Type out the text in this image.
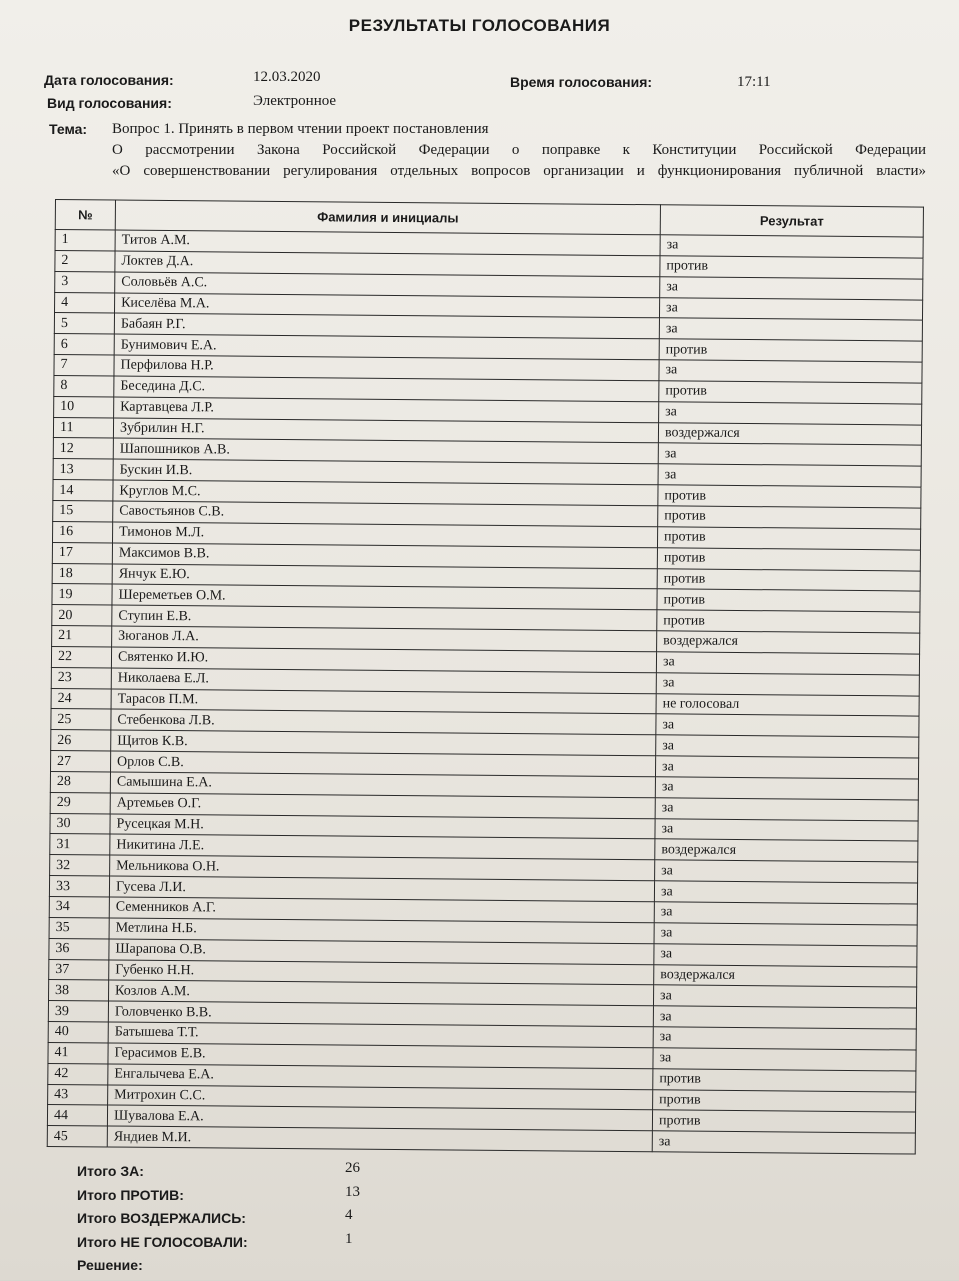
РЕЗУЛЬТАТЫ ГОЛОСОВАНИЯ
Дата голосования:	12.03.2020	Время голосования:	17:11
Вид голосования:	Электронное
Тема: Вопрос 1. Принять в первом чтении проект постановления
О рассмотрении Закона Российской Федерации о поправке к Конституции Российской Федерации
«О совершенствовании регулирования отдельных вопросов организации и функционирования публичной власти»
№	Фамилия и инициалы	Результат
1	Титов А.М.	за
2	Локтев Д.А.	против
3	Соловьёв А.С.	за
4	Киселёва М.А.	за
5	Бабаян Р.Г.	за
6	Бунимович Е.А.	против
7	Перфилова Н.Р.	за
8	Беседина Д.С.	против
10	Картавцева Л.Р.	за
11	Зубрилин Н.Г.	воздержался
12	Шапошников А.В.	за
13	Бускин И.В.	за
14	Круглов М.С.	против
15	Савостьянов С.В.	против
16	Тимонов М.Л.	против
17	Максимов В.В.	против
18	Янчук Е.Ю.	против
19	Шереметьев О.М.	против
20	Ступин Е.В.	против
21	Зюганов Л.А.	воздержался
22	Святенко И.Ю.	за
23	Николаева Е.Л.	за
24	Тарасов П.М.	не голосовал
25	Стебенкова Л.В.	за
26	Щитов К.В.	за
27	Орлов С.В.	за
28	Самышина Е.А.	за
29	Артемьев О.Г.	за
30	Русецкая М.Н.	за
31	Никитина Л.Е.	воздержался
32	Мельникова О.Н.	за
33	Гусева Л.И.	за
34	Семенников А.Г.	за
35	Метлина Н.Б.	за
36	Шарапова О.В.	за
37	Губенко Н.Н.	воздержался
38	Козлов А.М.	за
39	Головченко В.В.	за
40	Батышева Т.Т.	за
41	Герасимов Е.В.	за
42	Енгалычева Е.А.	против
43	Митрохин С.С.	против
44	Шувалова Е.А.	против
45	Яндиев М.И.	за
Итого ЗА:	26
Итого ПРОТИВ:	13
Итого ВОЗДЕРЖАЛИСЬ:	4
Итого НЕ ГОЛОСОВАЛИ:	1
Решение:
